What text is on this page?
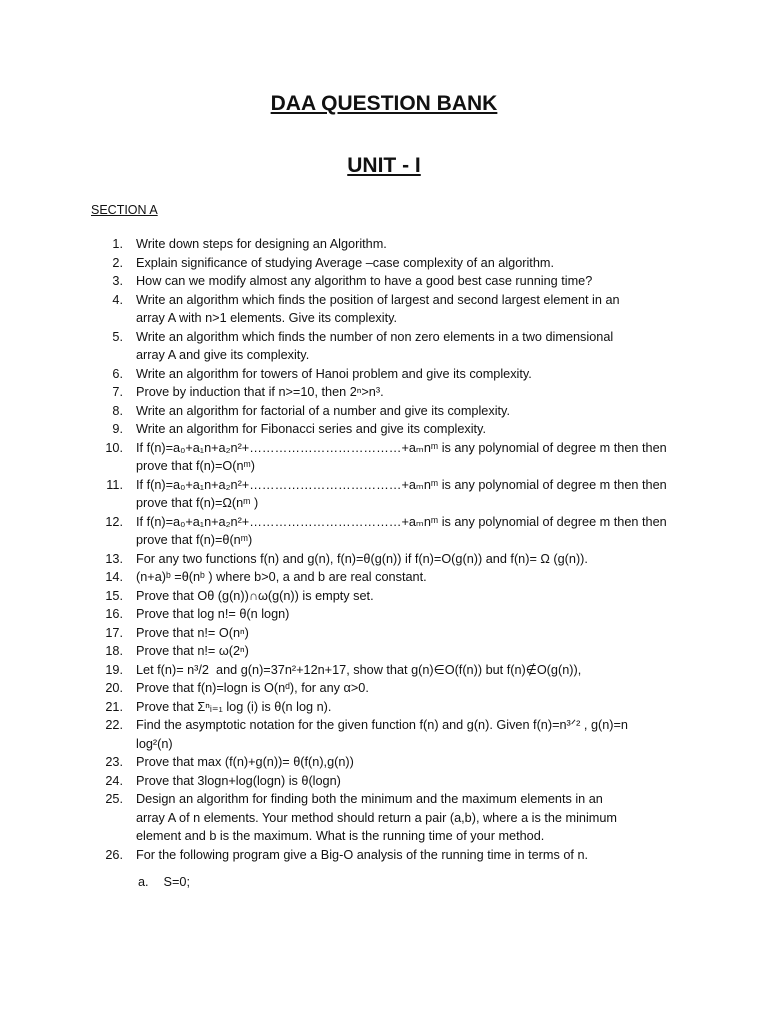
DAA QUESTION BANK
UNIT - I
SECTION A
1.	Write down steps for designing an Algorithm.
2.	Explain significance of studying Average –case complexity of an algorithm.
3.	How can we modify almost any algorithm to have a good best case running time?
4.	Write an algorithm which finds the position of largest and second largest element in an
array A with n>1 elements. Give its complexity.
5.	Write an algorithm which finds the number of non zero elements in a two dimensional
array A and give its complexity.
6.	Write an algorithm for towers of Hanoi problem and give its complexity.
7.	Prove by induction that if n>=10, then 2ⁿ>n³.
8.	Write an algorithm for factorial of a number and give its complexity.
9.	Write an algorithm for Fibonacci series and give its complexity.
10.	If f(n)=a₀+a₁n+a₂n²+………………………………+aₘnᵐ is any polynomial of degree m then then
prove that f(n)=O(nᵐ)
11.	If f(n)=a₀+a₁n+a₂n²+………………………………+aₘnᵐ is any polynomial of degree m then then
prove that f(n)=Ω(nᵐ )
12.	If f(n)=a₀+a₁n+a₂n²+………………………………+aₘnᵐ is any polynomial of degree m then then
prove that f(n)=θ(nᵐ)
13.	For any two functions f(n) and g(n), f(n)=θ(g(n)) if f(n)=O(g(n)) and f(n)= Ω (g(n)).
14.	(n+a)ᵇ =θ(nᵇ ) where b>0, a and b are real constant.
15.	Prove that Oθ (g(n))∩ω(g(n)) is empty set.
16.	Prove that log n!= θ(n logn)
17.	Prove that n!= O(nⁿ)
18.	Prove that n!= ω(2ⁿ)
19.	Let f(n)= n³/2  and g(n)=37n²+12n+17, show that g(n)∈O(f(n)) but f(n)∉O(g(n)),
20.	Prove that f(n)=logn is O(nᵈ), for any α>0.
21.	Prove that Σⁿᵢ₌₁ log (i) is θ(n log n).
22.	Find the asymptotic notation for the given function f(n) and g(n). Given f(n)=n³ᐟ² , g(n)=n
log²(n)
23.	Prove that max (f(n)+g(n))= θ(f(n),g(n))
24.	Prove that 3logn+log(logn) is θ(logn)
25.	Design an algorithm for finding both the minimum and the maximum elements in an
array A of n elements. Your method should return a pair (a,b), where a is the minimum
element and b is the maximum. What is the running time of your method.
26.	For the following program give a Big-O analysis of the running time in terms of n.
a. S=0;
